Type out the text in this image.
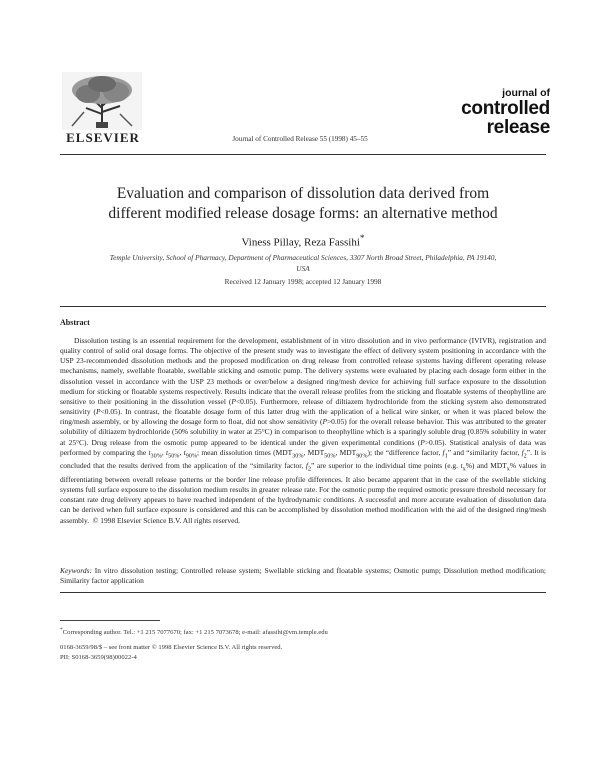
ELSEVIER	Journal of Controlled Release 55 (1998) 45–55
journal of
controlled
release
Evaluation and comparison of dissolution data derived from
different modified release dosage forms: an alternative method
Viness Pillay, Reza Fassihi*
Temple University, School of Pharmacy, Department of Pharmaceutical Sciences, 3307 North Broad Street, Philadelphia, PA 19140,
USA
Received 12 January 1998; accepted 12 January 1998
Abstract
Dissolution testing is an essential requirement for the development, establishment of in vitro dissolution and in vivo performance (IVIVR), registration and quality control of solid oral dosage forms. The objective of the present study was to investigate the effect of delivery system positioning in accordance with the USP 23-recommended dissolution methods and the proposed modification on drug release from controlled release systems having different operating release mechanisms, namely, swellable floatable, swellable sticking and osmotic pump. The delivery systems were evaluated by placing each dosage form either in the dissolution vessel in accordance with the USP 23 methods or over/below a designed ring/mesh device for achieving full surface exposure to the dissolution medium for sticking or floatable systems respectively. Results indicate that the overall release profiles from the sticking and floatable systems of theophylline are sensitive to their positioning in the dissolution vessel (P<0.05). Furthermore, release of diltiazem hydrochloride from the sticking system also demonstrated sensitivity (P<0.05). In contrast, the floatable dosage form of this latter drug with the application of a helical wire sinker, or when it was placed below the ring/mesh assembly, or by allowing the dosage form to float, did not show sensitivity (P>0.05) for the overall release behavior. This was attributed to the greater solubility of diltiazem hydrochloride (50% solubility in water at 25°C) in comparison to theophylline which is a sparingly soluble drug (0.85% solubility in water at 25°C). Drug release from the osmotic pump appeared to be identical under the given experimental conditions (P>0.05). Statistical analysis of data was performed by comparing the $t_{30\%}$, $t_{50\%}$, $t_{90\%}$; mean dissolution times ($MDT_{30\%}$, $MDT_{50\%}$, $MDT_{90\%}$); the “difference factor, $f_1$” and “similarity factor, $f_2$”. It is concluded that the results derived from the application of the “similarity factor, $f_2$” are superior to the individual time points (e.g. $t_x\%$) and $MDT_x\%$ values in differentiating between overall release patterns or the border line release profile differences. It also became apparent that in the case of the swellable sticking systems full surface exposure to the dissolution medium results in greater release rate. For the osmotic pump the required osmotic pressure threshold necessary for constant rate drug delivery appears to have reached independent of the hydrodynamic conditions. A successful and more accurate evaluation of dissolution data can be derived when full surface exposure is considered and this can be accomplished by dissolution method modification with the aid of the designed ring/mesh assembly. © 1998 Elsevier Science B.V. All rights reserved.
Keywords: In vitro dissolution testing; Controlled release system; Swellable sticking and floatable systems; Osmotic pump; Dissolution method modification; Similarity factor application
*Corresponding author. Tel.: +1 215 7077670; fax: +1 215 7073678; e-mail: afassihi@vm.temple.edu
0168-3659/98/$ – see front matter © 1998 Elsevier Science B.V. All rights reserved.
PII: S0168-3659(98)00022-4
